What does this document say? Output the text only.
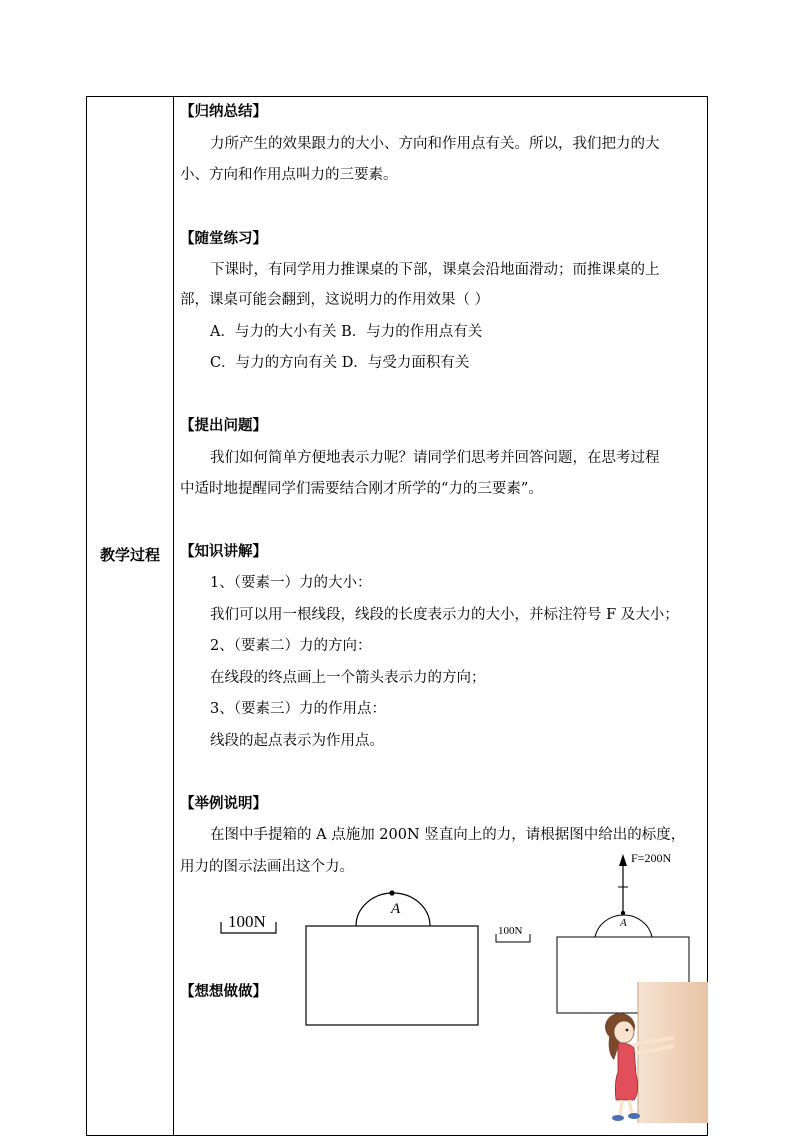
教学过程
【归纳总结】
力所产生的效果跟力的大小、方向和作用点有关。所以，我们把力的大
小、方向和作用点叫力的三要素。
【随堂练习】
下课时，有同学用力推课桌的下部，课桌会沿地面滑动；而推课桌的上
部，课桌可能会翻到，这说明力的作用效果（ ）
A．与力的大小有关 B．与力的作用点有关
C．与力的方向有关 D．与受力面积有关
【提出问题】
我们如何简单方便地表示力呢？请同学们思考并回答问题，在思考过程
中适时地提醒同学们需要结合刚才所学的“力的三要素”。
【知识讲解】
1、（要素一）力的大小：
我们可以用一根线段，线段的长度表示力的大小，并标注符号 F 及大小；
2、（要素二）力的方向：
在线段的终点画上一个箭头表示力的方向；
3、（要素三）力的作用点：
线段的起点表示为作用点。
【举例说明】
在图中手提箱的 A 点施加 200N 竖直向上的力，请根据图中给出的标度，
用力的图示法画出这个力。
【想想做做】
100N
A
100N
A
F=200N
